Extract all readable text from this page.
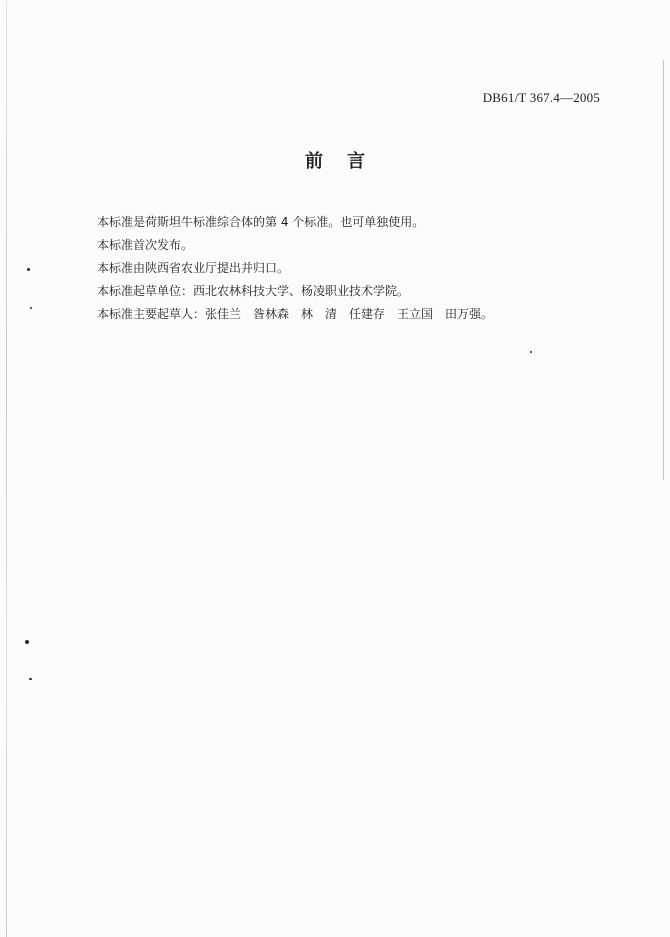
DB61/T 367.4—2005
前 言
本标准是荷斯坦牛标准综合体的第 4 个标准。也可单独使用。
本标准首次发布。
本标准由陕西省农业厅提出并归口。
本标准起草单位：西北农林科技大学、杨凌职业技术学院。
本标准主要起草人：张佳兰　昝林森　林　清　任建存　王立国　田万强。
